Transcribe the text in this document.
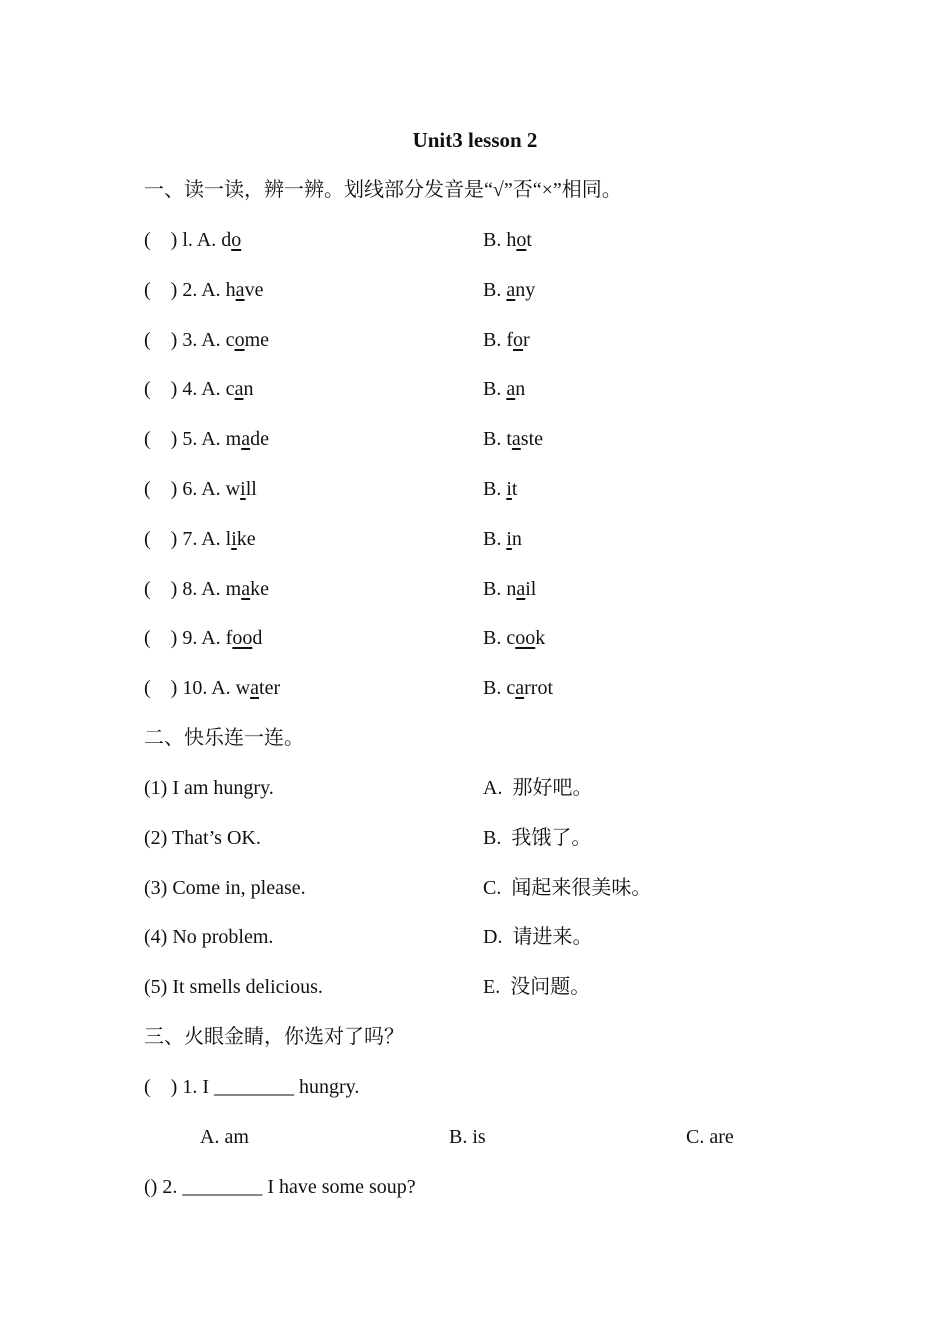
Unit3 lesson 2
一、读一读，辨一辨。划线部分发音是“√”否“×”相同。
(    ) l. A. do	B. hot
(    ) 2. A. have	B. any
(    ) 3. A. come	B. for
(    ) 4. A. can	B. an
(    ) 5. A. made	B. taste
(    ) 6. A. will	B. it
(    ) 7. A. like	B. in
(    ) 8. A. make	B. nail
(    ) 9. A. food	B. cook
(    ) 10. A. water	B. carrot
二、快乐连一连。
(1) I am hungry.	A.  那好吧。
(2) That’s OK.	B.  我饿了。
(3) Come in, please.	C.  闻起来很美味。
(4) No problem.	D.  请进来。
(5) It smells delicious.	E.  没问题。
三、火眼金睛，你选对了吗？
(    ) 1. I ________ hungry.
A. am	B. is	C. are
() 2. ________ I have some soup?
